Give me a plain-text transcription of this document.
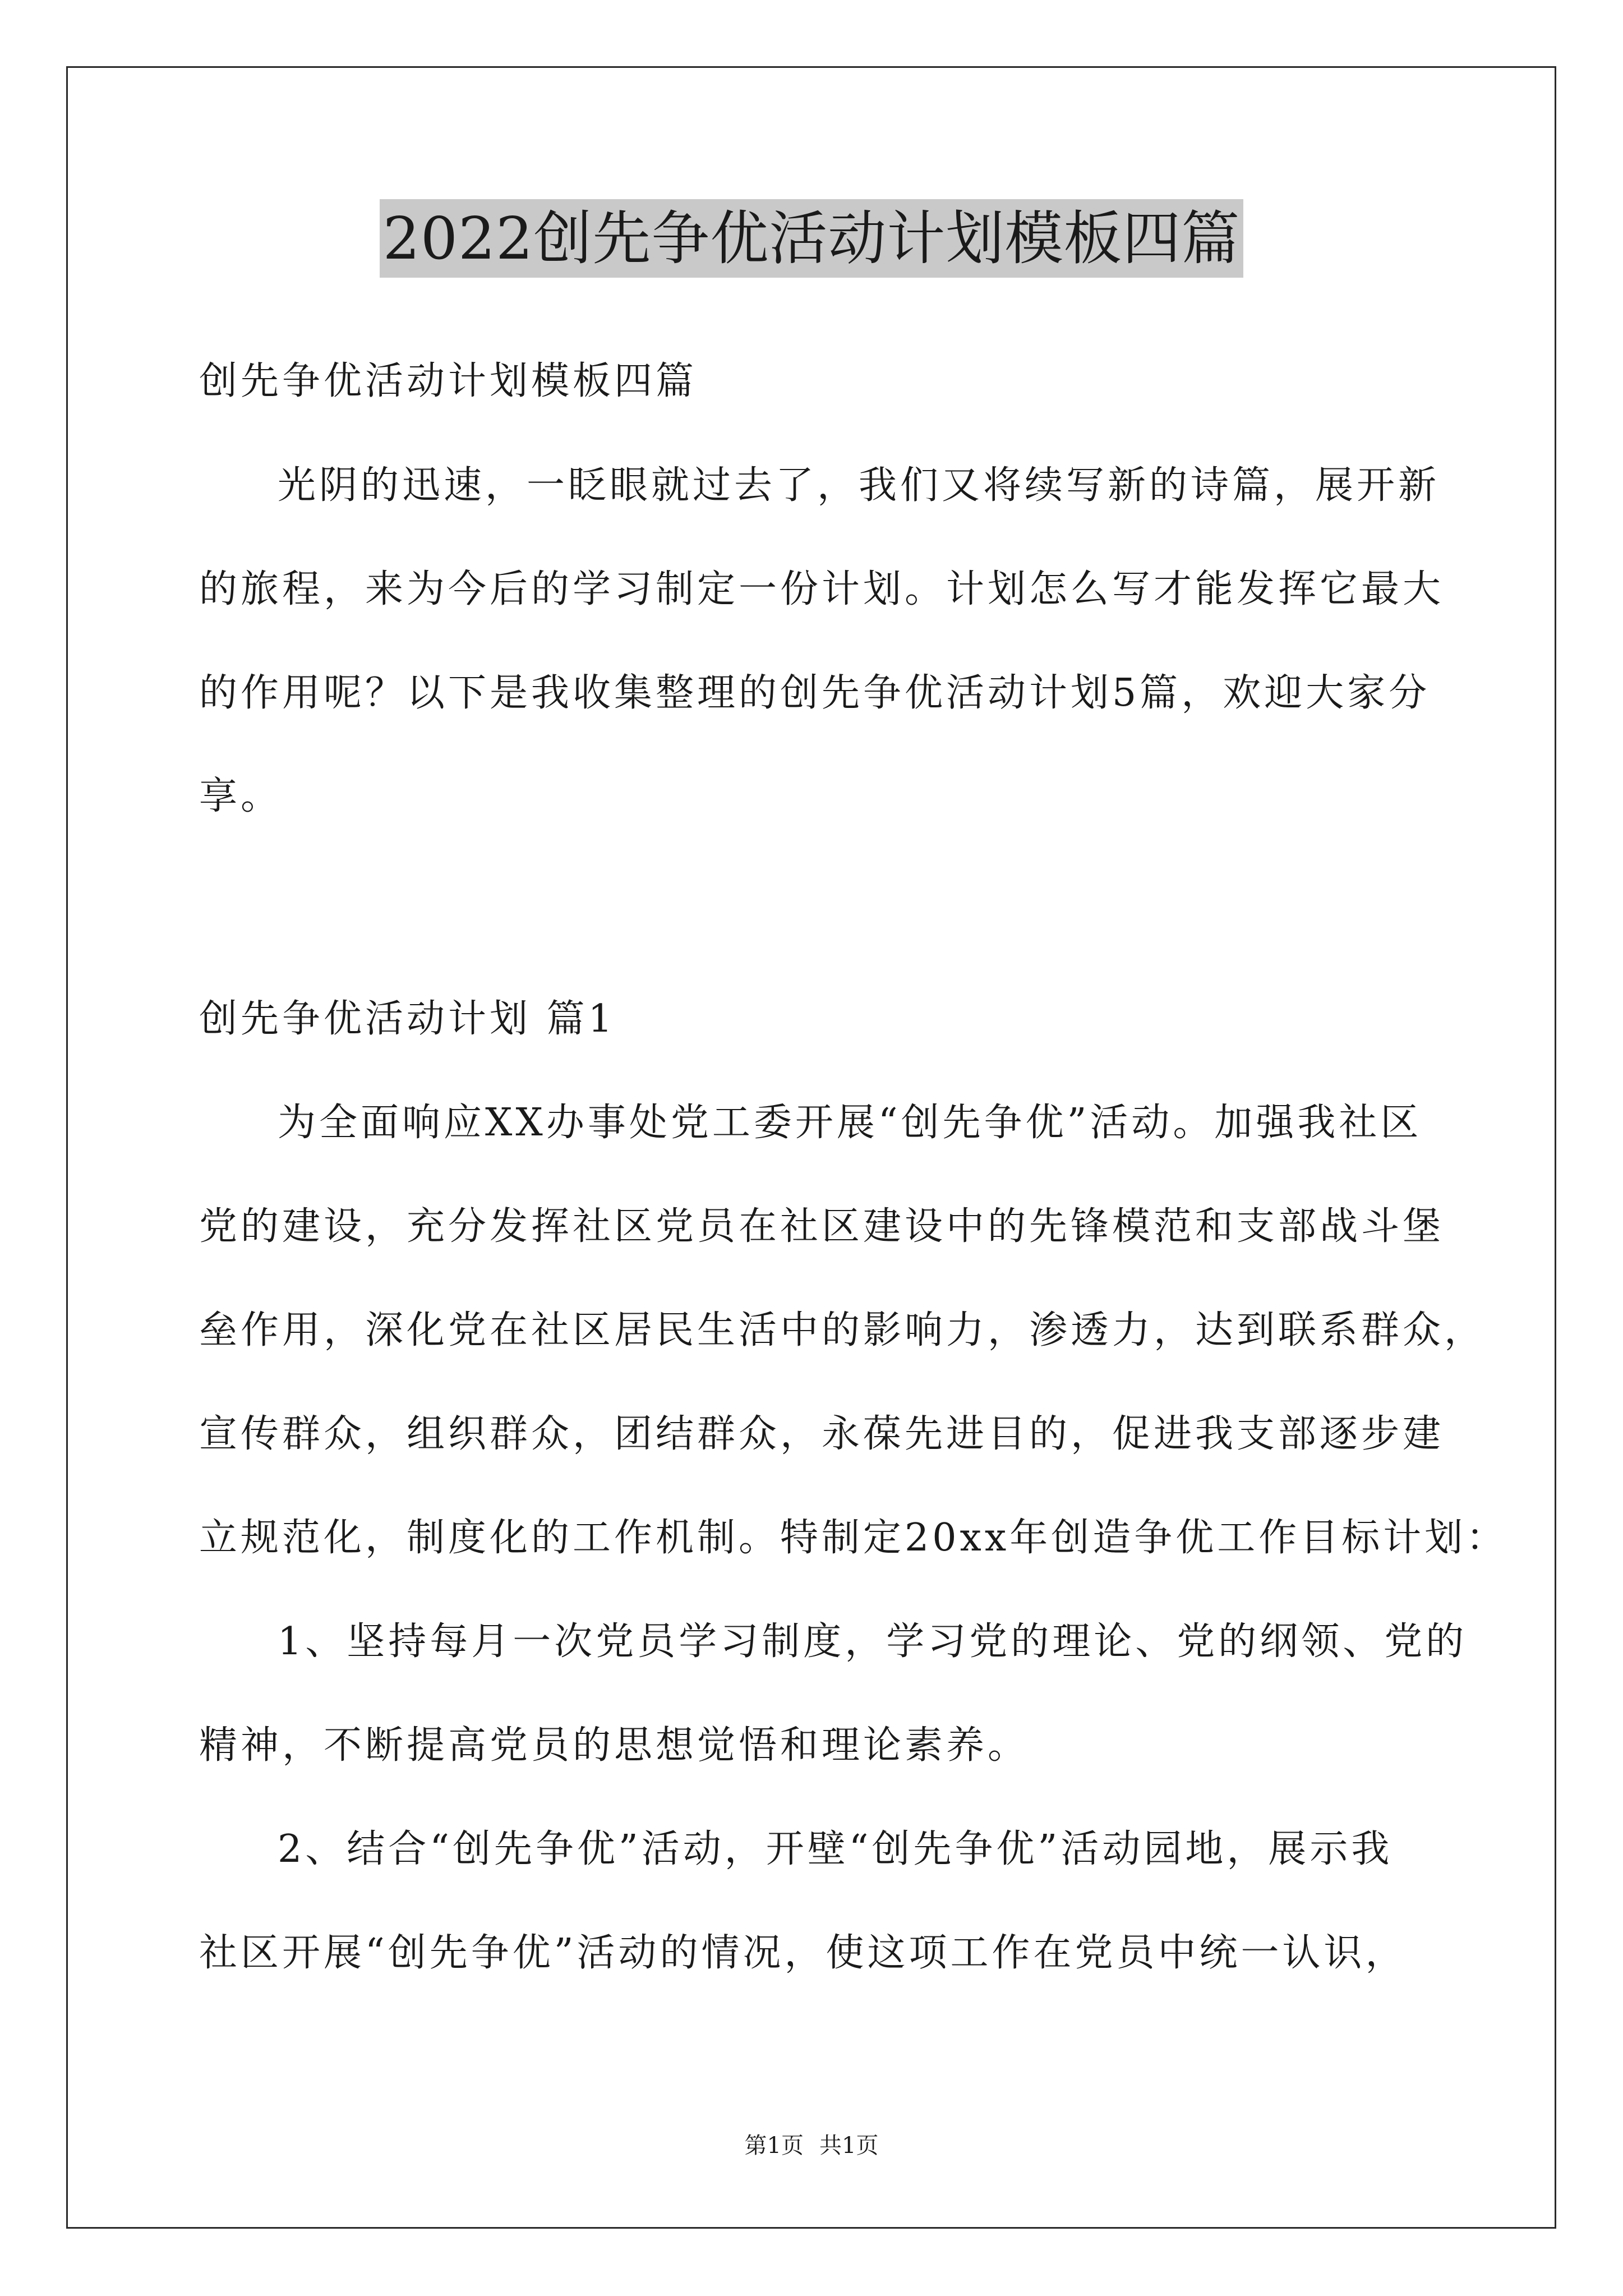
2022创先争优活动计划模板四篇
创先争优活动计划模板四篇
光阴的迅速，一眨眼就过去了，我们又将续写新的诗篇，展开新
的旅程，来为今后的学习制定一份计划。计划怎么写才能发挥它最大
的作用呢？以下是我收集整理的创先争优活动计划5篇，欢迎大家分
享。
创先争优活动计划 篇1
为全面响应XX办事处党工委开展“创先争优”活动。加强我社区
党的建设，充分发挥社区党员在社区建设中的先锋模范和支部战斗堡
垒作用，深化党在社区居民生活中的影响力，渗透力，达到联系群众，
宣传群众，组织群众，团结群众，永葆先进目的，促进我支部逐步建
立规范化，制度化的工作机制。特制定20xx年创造争优工作目标计划：
1、坚持每月一次党员学习制度，学习党的理论、党的纲领、党的
精神，不断提高党员的思想觉悟和理论素养。
2、结合“创先争优”活动，开壁“创先争优”活动园地，展示我
社区开展“创先争优”活动的情况，使这项工作在党员中统一认识，
第1页 共1页
